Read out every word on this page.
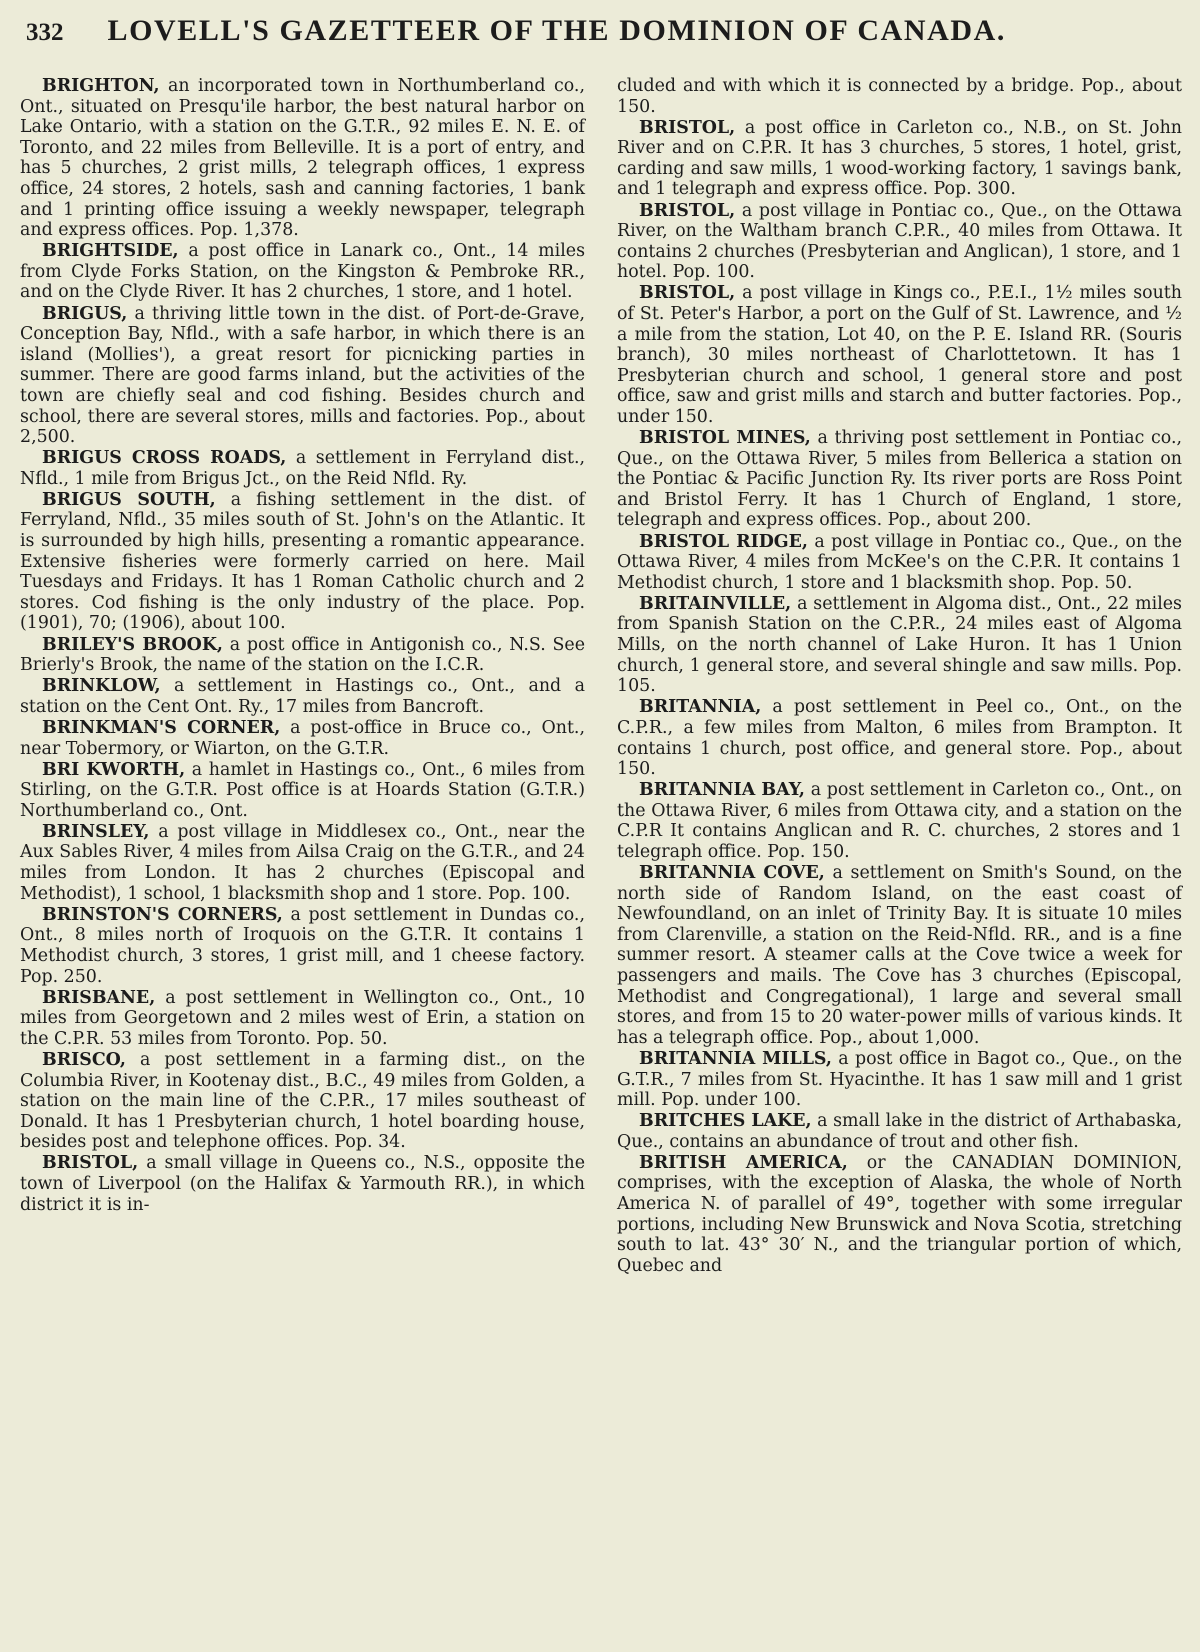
332 LOVELL'S GAZETTEER OF THE DOMINION OF CANADA.

BRIGHTON, an incorporated town in Northumberland co., Ont., situated on Presqu'ile harbor, the best natural harbor on Lake Ontario, with a station on the G.T.R., 92 miles E. N. E. of Toronto, and 22 miles from Belleville. It is a port of entry, and has 5 churches, 2 grist mills, 2 telegraph offices, 1 express office, 24 stores, 2 hotels, sash and canning factories, 1 bank and 1 printing office issuing a weekly newspaper, telegraph and express offices. Pop. 1,378.

BRIGHTSIDE, a post office in Lanark co., Ont., 14 miles from Clyde Forks Station, on the Kingston & Pembroke RR., and on the Clyde River. It has 2 churches, 1 store, and 1 hotel.

BRIGUS, a thriving little town in the dist. of Port-de-Grave, Conception Bay, Nfld., with a safe harbor, in which there is an island (Mollies'), a great resort for picnicking parties in summer. There are good farms inland, but the activities of the town are chiefly seal and cod fishing. Besides church and school, there are several stores, mills and factories. Pop., about 2,500.

BRIGUS CROSS ROADS, a settlement in Ferryland dist., Nfld., 1 mile from Brigus Jct., on the Reid Nfld. Ry.

BRIGUS SOUTH, a fishing settlement in the dist. of Ferryland, Nfld., 35 miles south of St. John's on the Atlantic. It is surrounded by high hills, presenting a romantic appearance. Extensive fisheries were formerly carried on here. Mail Tuesdays and Fridays. It has 1 Roman Catholic church and 2 stores. Cod fishing is the only industry of the place. Pop. (1901), 70; (1906), about 100.

BRILEY'S BROOK, a post office in Antigonish co., N.S. See Brierly's Brook, the name of the station on the I.C.R.

BRINKLOW, a settlement in Hastings co., Ont., and a station on the Cent Ont. Ry., 17 miles from Bancroft.

BRINKMAN'S CORNER, a post-office in Bruce co., Ont., near Tobermory, or Wiarton, on the G.T.R.

BRI KWORTH, a hamlet in Hastings co., Ont., 6 miles from Stirling, on the G.T.R. Post office is at Hoards Station (G.T.R.) Northumberland co., Ont.

BRINSLEY, a post village in Middlesex co., Ont., near the Aux Sables River, 4 miles from Ailsa Craig on the G.T.R., and 24 miles from London. It has 2 churches (Episcopal and Methodist), 1 school, 1 blacksmith shop and 1 store. Pop. 100.

BRINSTON'S CORNERS, a post settlement in Dundas co., Ont., 8 miles north of Iroquois on the G.T.R. It contains 1 Methodist church, 3 stores, 1 grist mill, and 1 cheese factory. Pop. 250.

BRISBANE, a post settlement in Wellington co., Ont., 10 miles from Georgetown and 2 miles west of Erin, a station on the C.P.R. 53 miles from Toronto. Pop. 50.

BRISCO, a post settlement in a farming dist., on the Columbia River, in Kootenay dist., B.C., 49 miles from Golden, a station on the main line of the C.P.R., 17 miles southeast of Donald. It has 1 Presbyterian church, 1 hotel boarding house, besides post and telephone offices. Pop. 34.

BRISTOL, a small village in Queens co., N.S., opposite the town of Liverpool (on the Halifax & Yarmouth RR.), in which district it is in-

cluded and with which it is connected by a bridge. Pop., about 150.

BRISTOL, a post office in Carleton co., N.B., on St. John River and on C.P.R. It has 3 churches, 5 stores, 1 hotel, grist, carding and saw mills, 1 wood-working factory, 1 savings bank, and 1 telegraph and express office. Pop. 300.

BRISTOL, a post village in Pontiac co., Que., on the Ottawa River, on the Waltham branch C.P.R., 40 miles from Ottawa. It contains 2 churches (Presbyterian and Anglican), 1 store, and 1 hotel. Pop. 100.

BRISTOL, a post village in Kings co., P.E.I., 1½ miles south of St. Peter's Harbor, a port on the Gulf of St. Lawrence, and ½ a mile from the station, Lot 40, on the P. E. Island RR. (Souris branch), 30 miles northeast of Charlottetown. It has 1 Presbyterian church and school, 1 general store and post office, saw and grist mills and starch and butter factories. Pop., under 150.

BRISTOL MINES, a thriving post settlement in Pontiac co., Que., on the Ottawa River, 5 miles from Bellerica a station on the Pontiac & Pacific Junction Ry. Its river ports are Ross Point and Bristol Ferry. It has 1 Church of England, 1 store, telegraph and express offices. Pop., about 200.

BRISTOL RIDGE, a post village in Pontiac co., Que., on the Ottawa River, 4 miles from McKee's on the C.P.R. It contains 1 Methodist church, 1 store and 1 blacksmith shop. Pop. 50.

BRITAINVILLE, a settlement in Algoma dist., Ont., 22 miles from Spanish Station on the C.P.R., 24 miles east of Algoma Mills, on the north channel of Lake Huron. It has 1 Union church, 1 general store, and several shingle and saw mills. Pop. 105.

BRITANNIA, a post settlement in Peel co., Ont., on the C.P.R., a few miles from Malton, 6 miles from Brampton. It contains 1 church, post office, and general store. Pop., about 150.

BRITANNIA BAY, a post settlement in Carleton co., Ont., on the Ottawa River, 6 miles from Ottawa city, and a station on the C.P.R It contains Anglican and R. C. churches, 2 stores and 1 telegraph office. Pop. 150.

BRITANNIA COVE, a settlement on Smith's Sound, on the north side of Random Island, on the east coast of Newfoundland, on an inlet of Trinity Bay. It is situate 10 miles from Clarenville, a station on the Reid-Nfld. RR., and is a fine summer resort. A steamer calls at the Cove twice a week for passengers and mails. The Cove has 3 churches (Episcopal, Methodist and Congregational), 1 large and several small stores, and from 15 to 20 water-power mills of various kinds. It has a telegraph office. Pop., about 1,000.

BRITANNIA MILLS, a post office in Bagot co., Que., on the G.T.R., 7 miles from St. Hyacinthe. It has 1 saw mill and 1 grist mill. Pop. under 100.

BRITCHES LAKE, a small lake in the district of Arthabaska, Que., contains an abundance of trout and other fish.

BRITISH AMERICA, or the CANADIAN DOMINION, comprises, with the exception of Alaska, the whole of North America N. of parallel of 49°, together with some irregular portions, including New Brunswick and Nova Scotia, stretching south to lat. 43° 30′ N., and the triangular portion of which, Quebec and
